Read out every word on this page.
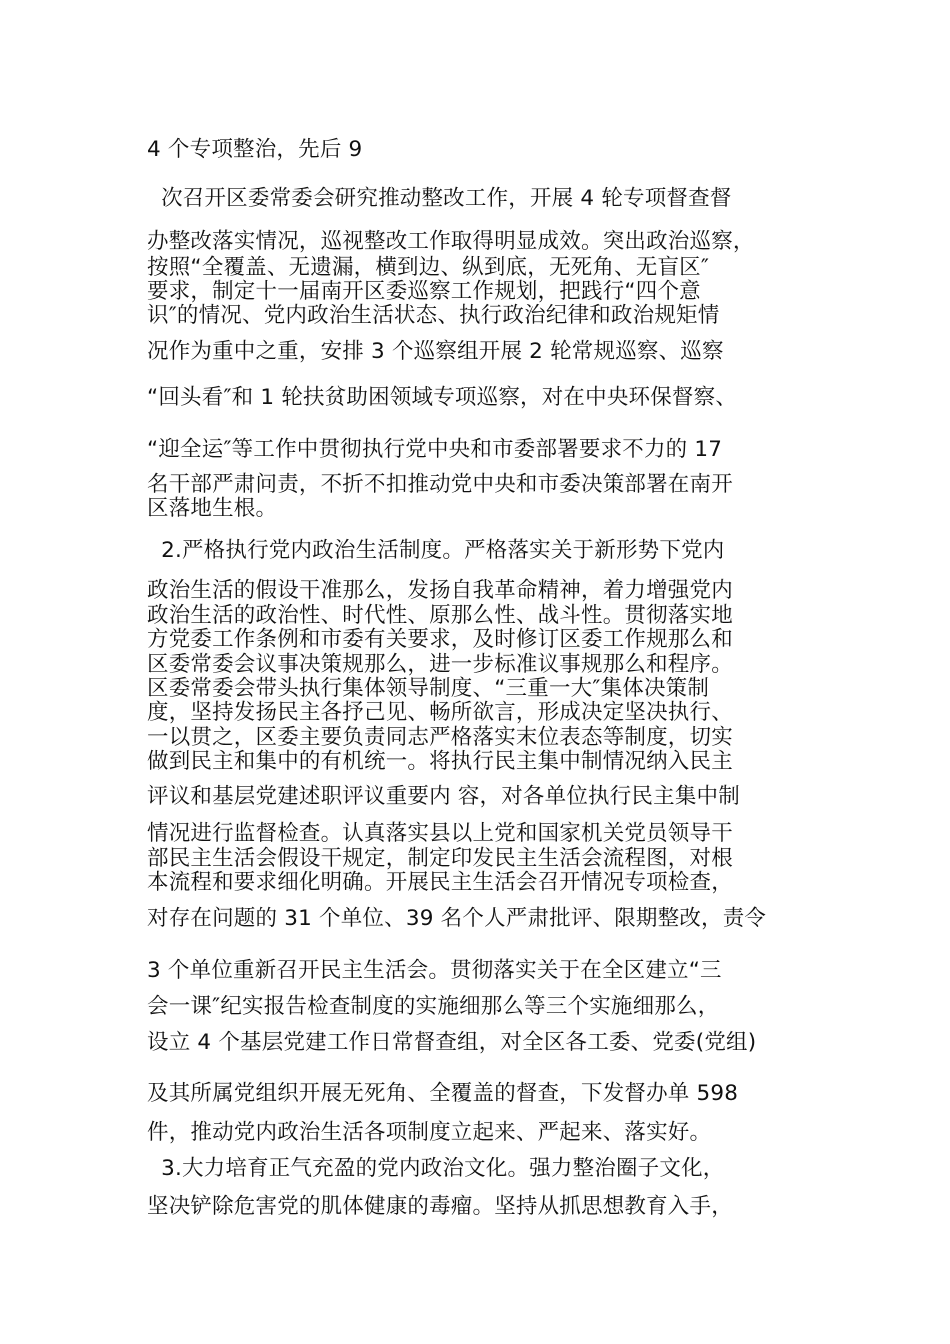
4 个专项整治，先后 9
次召开区委常委会研究推动整改工作，开展 4 轮专项督查督
办整改落实情况，巡视整改工作取得明显成效。突出政治巡察，
按照“全覆盖、无遗漏，横到边、纵到底，无死角、无盲区″
要求，制定十一届南开区委巡察工作规划，把践行“四个意
识″的情况、党内政治生活状态、执行政治纪律和政治规矩情
况作为重中之重，安排 3 个巡察组开展 2 轮常规巡察、巡察
“回头看″和 1 轮扶贫助困领域专项巡察，对在中央环保督察、
“迎全运″等工作中贯彻执行党中央和市委部署要求不力的 17
名干部严肃问责，不折不扣推动党中央和市委决策部署在南开
区落地生根。
2.严格执行党内政治生活制度。严格落实关于新形势下党内
政治生活的假设干准那么，发扬自我革命精神，着力增强党内
政治生活的政治性、时代性、原那么性、战斗性。贯彻落实地
方党委工作条例和市委有关要求，及时修订区委工作规那么和
区委常委会议事决策规那么，进一步标准议事规那么和程序。
区委常委会带头执行集体领导制度、“三重一大″集体决策制
度，坚持发扬民主各抒己见、畅所欲言，形成决定坚决执行、
一以贯之，区委主要负责同志严格落实末位表态等制度，切实
做到民主和集中的有机统一。将执行民主集中制情况纳入民主
评议和基层党建述职评议重要内 容，对各单位执行民主集中制
情况进行监督检查。认真落实县以上党和国家机关党员领导干
部民主生活会假设干规定，制定印发民主生活会流程图，对根
本流程和要求细化明确。开展民主生活会召开情况专项检查，
对存在问题的 31 个单位、39 名个人严肃批评、限期整改，责令
3 个单位重新召开民主生活会。贯彻落实关于在全区建立“三
会一课″纪实报告检查制度的实施细那么等三个实施细那么，
设立 4 个基层党建工作日常督查组，对全区各工委、党委(党组)
及其所属党组织开展无死角、全覆盖的督查，下发督办单 598
件，推动党内政治生活各项制度立起来、严起来、落实好。
3.大力培育正气充盈的党内政治文化。强力整治圈子文化，
坚决铲除危害党的肌体健康的毒瘤。坚持从抓思想教育入手，
